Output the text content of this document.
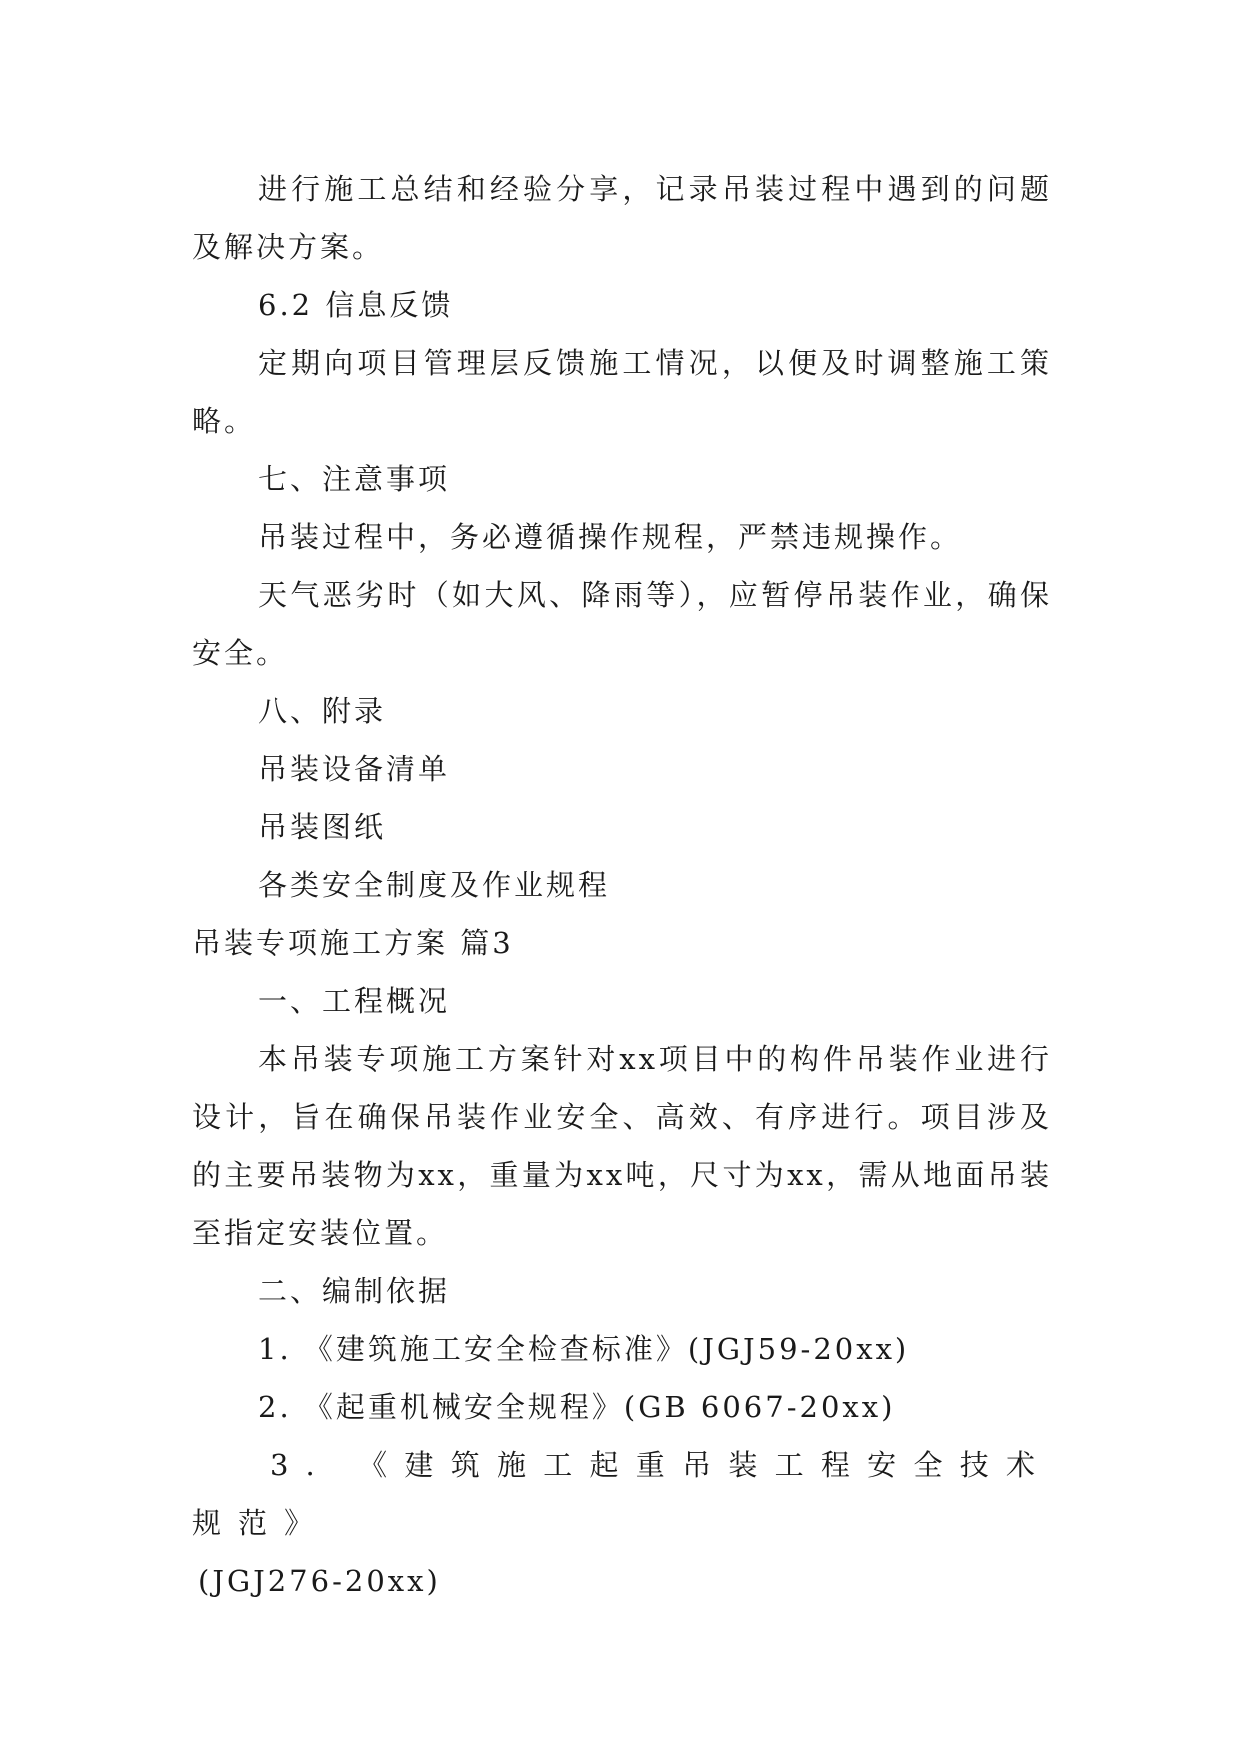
进行施工总结和经验分享，记录吊装过程中遇到的问题及解决方案。

6.2 信息反馈

定期向项目管理层反馈施工情况，以便及时调整施工策略。

七、注意事项

吊装过程中，务必遵循操作规程，严禁违规操作。

天气恶劣时（如大风、降雨等），应暂停吊装作业，确保安全。

八、附录

吊装设备清单

吊装图纸

各类安全制度及作业规程

吊装专项施工方案 篇3

一、工程概况

本吊装专项施工方案针对xx项目中的构件吊装作业进行设计，旨在确保吊装作业安全、高效、有序进行。项目涉及的主要吊装物为xx，重量为xx吨，尺寸为xx，需从地面吊装至指定安装位置。

二、编制依据

1. 《建筑施工安全检查标准》(JGJ59-20xx)

2. 《起重机械安全规程》(GB 6067-20xx)

3. 《建筑施工起重吊装工程安全技术规范》

(JGJ276-20xx)
